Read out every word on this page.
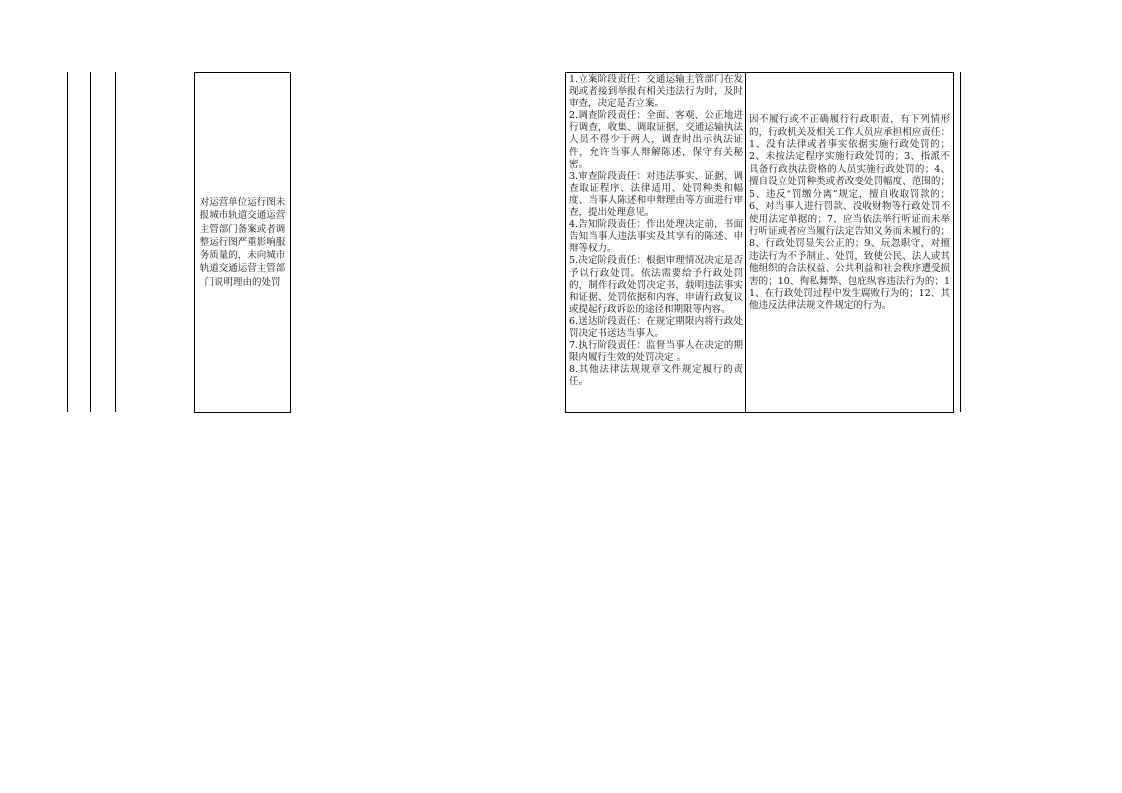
对运营单位运行图未报城市轨道交通运营主管部门备案或者调整运行图严重影响服务质量的，未向城市轨道交通运营主管部门说明理由的处罚
1.立案阶段责任：交通运输主管部门在发现或者接到举报有相关违法行为时，及时审查，决定是否立案。
2.调查阶段责任：全面、客观、公正地进行调查，收集、调取证据，交通运输执法人员不得少于两人，调查时出示执法证件，允许当事人辩解陈述，保守有关秘密。
3.审查阶段责任：对违法事实、证据、调查取证程序、法律适用、处罚种类和幅度、当事人陈述和申辩理由等方面进行审查，提出处理意见。
4.告知阶段责任：作出处理决定前，书面告知当事人违法事实及其享有的陈述、申辩等权力。
5.决定阶段责任：根据审理情况决定是否予以行政处罚。依法需要给予行政处罚的，制作行政处罚决定书，载明违法事实和证据、处罚依据和内容、申请行政复议或提起行政诉讼的途径和期限等内容。
6.送达阶段责任：在规定期限内将行政处罚决定书送达当事人。
7.执行阶段责任：监督当事人在决定的期限内履行生效的处罚决定 。
8.其他法律法规规章文件规定履行的责任。
因不履行或不正确履行行政职责，有下列情形的，行政机关及相关工作人员应承担相应责任：1、没有法律或者事实依据实施行政处罚的；2、未按法定程序实施行政处罚的；3、指派不具备行政执法资格的人员实施行政处罚的；4、擅自设立处罚种类或者改变处罚幅度、范围的；5、违反“罚缴分离”规定，擅自收取罚款的；6、对当事人进行罚款、没收财物等行政处罚不使用法定单据的；7、应当依法举行听证而未举行听证或者应当履行法定告知义务而未履行的；8、行政处罚显失公正的；9、玩忽职守，对擅违法行为不予制止、处罚，致使公民、法人或其他组织的合法权益、公共利益和社会秩序遭受损害的；10、徇私舞弊、包庇纵容违法行为的；11、在行政处罚过程中发生腐败行为的；12、其他违反法律法规文件规定的行为。
